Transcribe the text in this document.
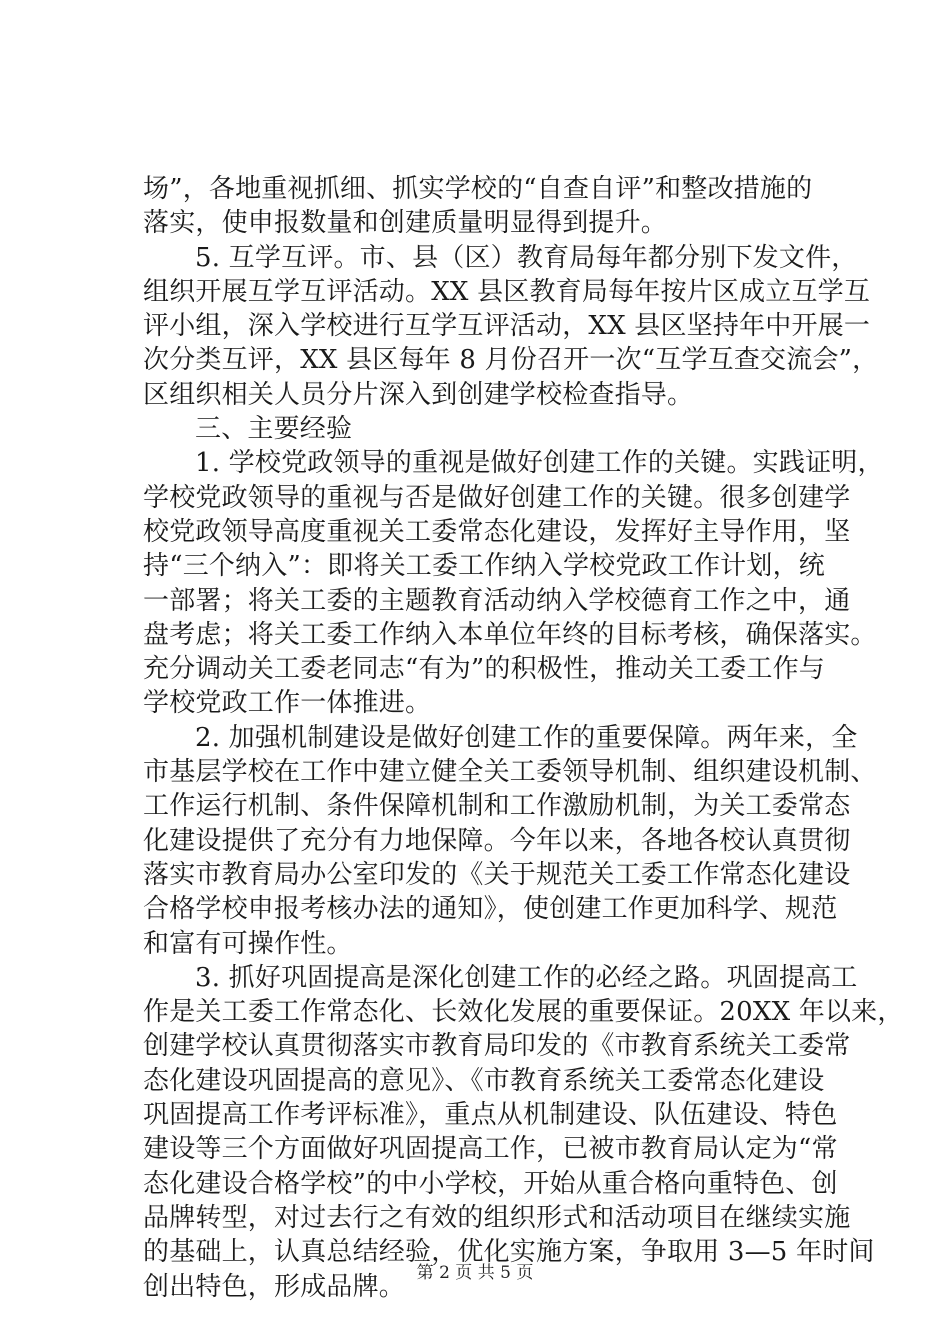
场”，各地重视抓细、抓实学校的“自查自评”和整改措施的
落实，使申报数量和创建质量明显得到提升。
5. 互学互评。市、县（区）教育局每年都分别下发文件，
组织开展互学互评活动。XX 县区教育局每年按片区成立互学互
评小组，深入学校进行互学互评活动，XX 县区坚持年中开展一
次分类互评，XX 县区每年 8 月份召开一次“互学互查交流会”，
区组织相关人员分片深入到创建学校检查指导。
三、主要经验
1. 学校党政领导的重视是做好创建工作的关键。实践证明，
学校党政领导的重视与否是做好创建工作的关键。很多创建学
校党政领导高度重视关工委常态化建设，发挥好主导作用，坚
持“三个纳入”：即将关工委工作纳入学校党政工作计划，统
一部署；将关工委的主题教育活动纳入学校德育工作之中，通
盘考虑；将关工委工作纳入本单位年终的目标考核，确保落实。
充分调动关工委老同志“有为”的积极性，推动关工委工作与
学校党政工作一体推进。
2. 加强机制建设是做好创建工作的重要保障。两年来，全
市基层学校在工作中建立健全关工委领导机制、组织建设机制、
工作运行机制、条件保障机制和工作激励机制，为关工委常态
化建设提供了充分有力地保障。今年以来，各地各校认真贯彻
落实市教育局办公室印发的《关于规范关工委工作常态化建设
合格学校申报考核办法的通知》，使创建工作更加科学、规范
和富有可操作性。
3. 抓好巩固提高是深化创建工作的必经之路。巩固提高工
作是关工委工作常态化、长效化发展的重要保证。20XX 年以来，
创建学校认真贯彻落实市教育局印发的《市教育系统关工委常
态化建设巩固提高的意见》、《市教育系统关工委常态化建设
巩固提高工作考评标准》，重点从机制建设、队伍建设、特色
建设等三个方面做好巩固提高工作，已被市教育局认定为“常
态化建设合格学校”的中小学校，开始从重合格向重特色、创
品牌转型，对过去行之有效的组织形式和活动项目在继续实施
的基础上，认真总结经验，优化实施方案，争取用 3—5 年时间
创出特色，形成品牌。 第 2 页 共 5 页
